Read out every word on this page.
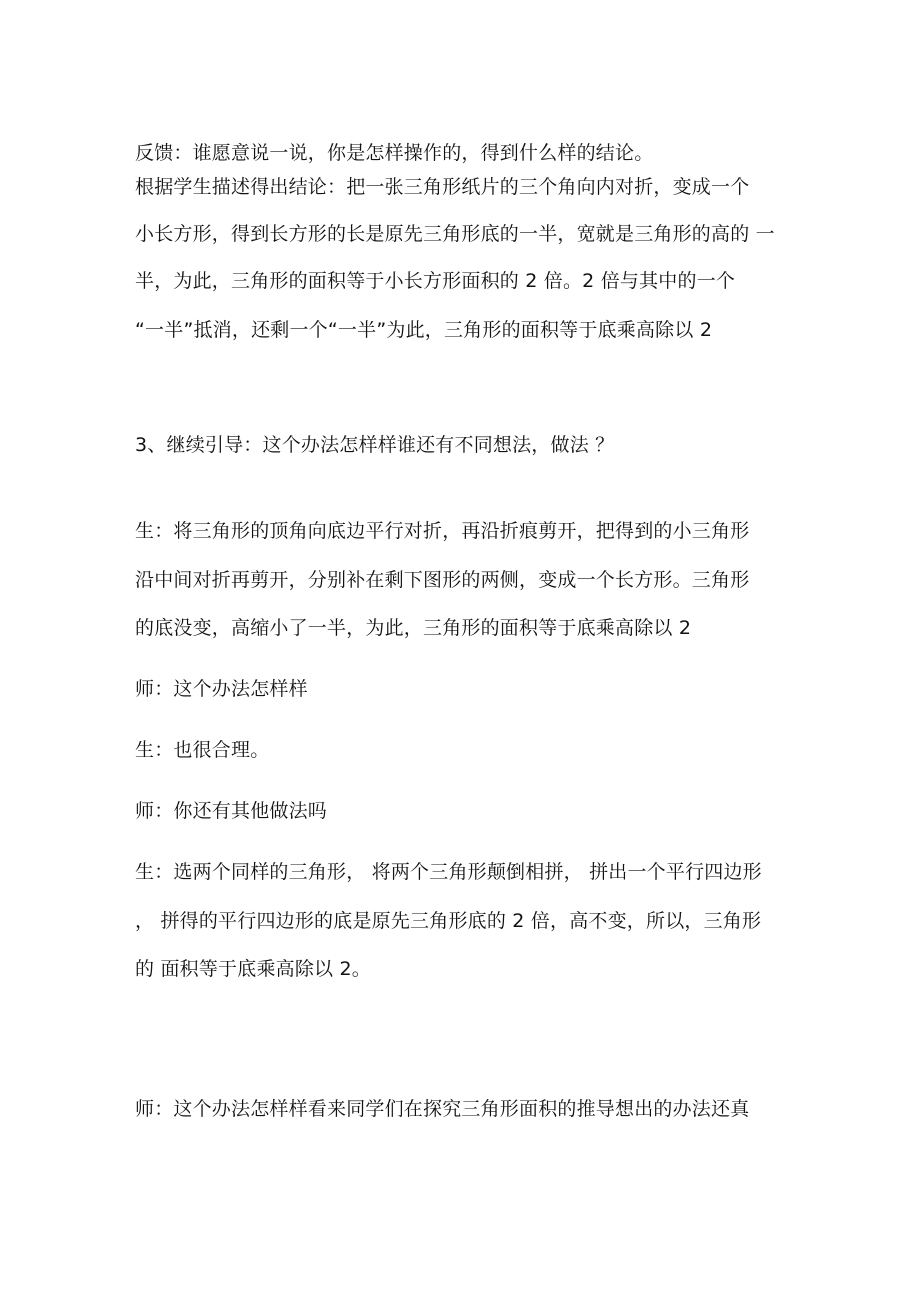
反馈：谁愿意说一说，你是怎样操作的，得到什么样的结论。
根据学生描述得出结论：把一张三角形纸片的三个角向内对折，变成一个
小长方形，得到长方形的长是原先三角形底的一半，宽就是三角形的高的 一
半，为此，三角形的面积等于小长方形面积的 2 倍。2 倍与其中的一个
“一半”抵消，还剩一个“一半”为此，三角形的面积等于底乘高除以 2
3、继续引导：这个办法怎样样谁还有不同想法，做法 ？
生：将三角形的顶角向底边平行对折，再沿折痕剪开，把得到的小三角形
沿中间对折再剪开，分别补在剩下图形的两侧，变成一个长方形。三角形
的底没变，高缩小了一半，为此，三角形的面积等于底乘高除以 2
师：这个办法怎样样
生：也很合理。
师：你还有其他做法吗
生：选两个同样的三角形， 将两个三角形颠倒相拼， 拼出一个平行四边形
， 拼得的平行四边形的底是原先三角形底的 2 倍，高不变，所以，三角形
的 面积等于底乘高除以 2。
师：这个办法怎样样看来同学们在探究三角形面积的推导想出的办法还真
